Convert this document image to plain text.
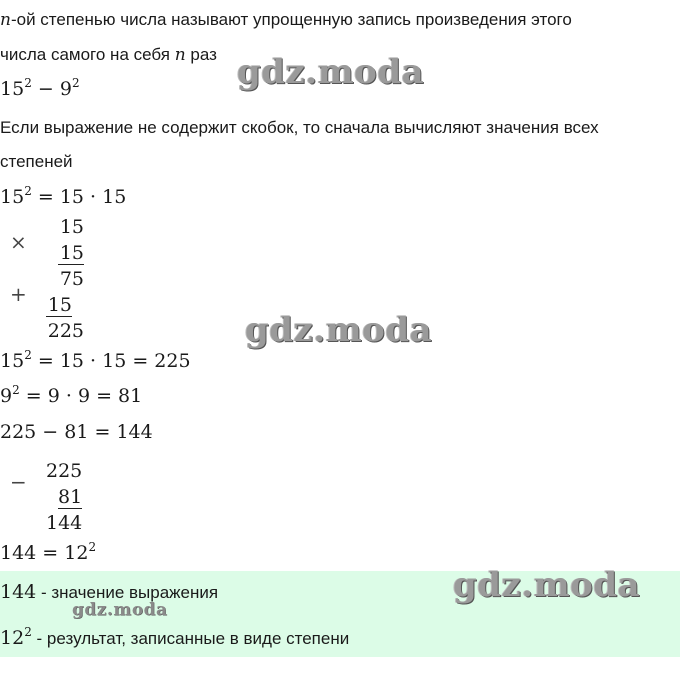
n-ой степенью числа называют упрощенную запись произведения этого
числа самого на себя n раз
$15^2 - 9^2$
Если выражение не содержит скобок, то сначала вычисляют значения всех
степеней
$15^2 = 15 \cdot 15$
×
15
15
75
+ 15
225
$15^2 = 15 \cdot 15 = 225$
$9^2 = 9 \cdot 9 = 81$
225 − 81 = 144
− 225
81
144
$144 = 12^2$
144 - значение выражения
$12^2$ - результат, записанные в виде степени
gdz.moda
gdz.moda
gdz.moda
gdz.moda
